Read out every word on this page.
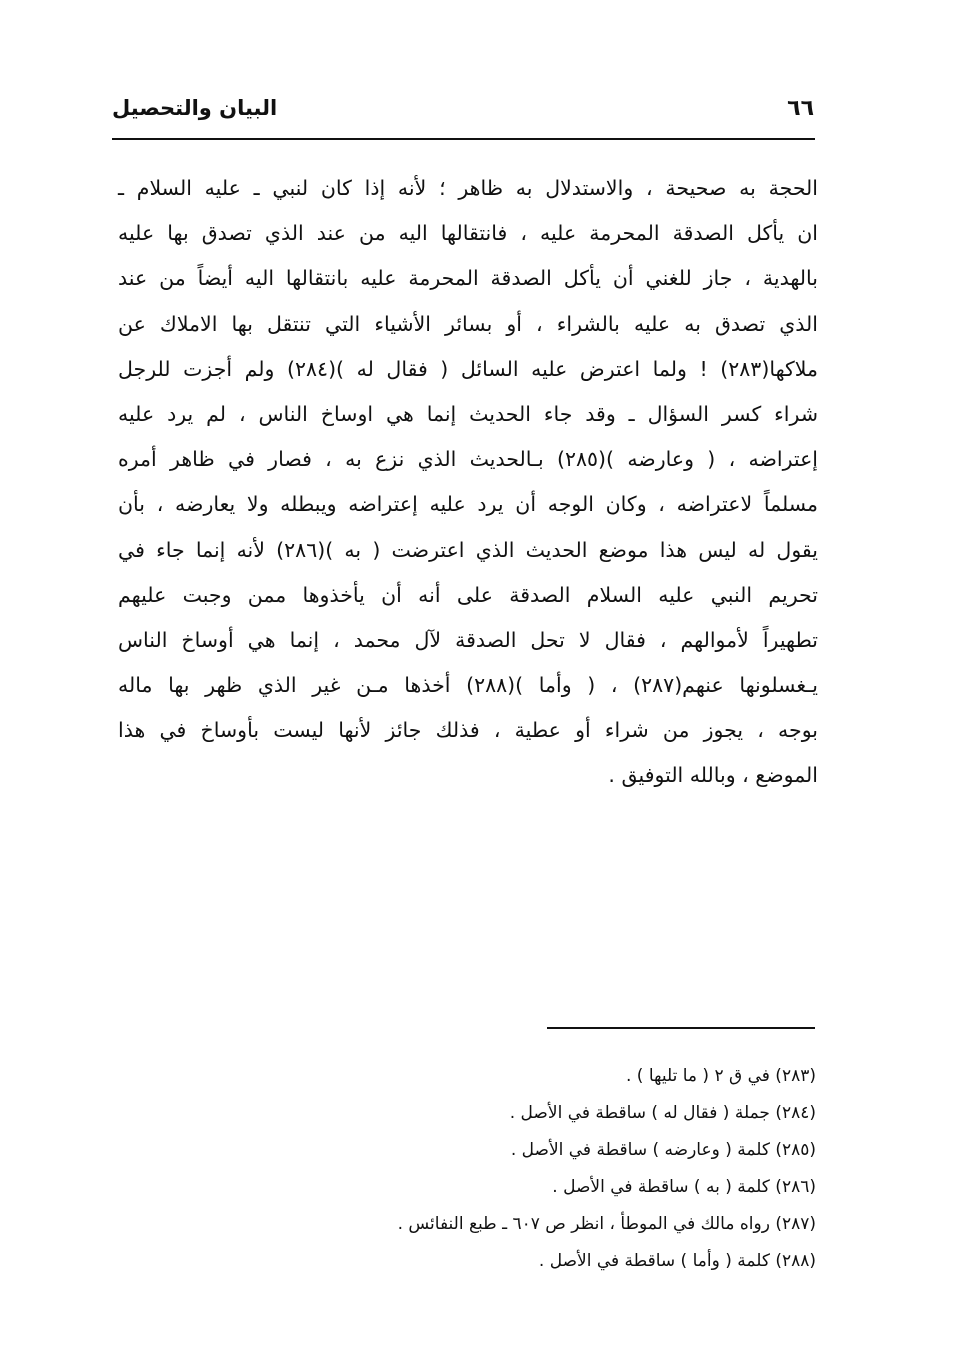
٦٦
البيان والتحصيل
الحجة به صحيحة ، والاستدلال به ظاهر ؛ لأنه إذا كان لنبي ـ عليه السلام ـ
ان يأكل الصدقة المحرمة عليه ، فانتقالها اليه من عند الذي تصدق بها عليه
بالهدية ، جاز للغني أن يأكل الصدقة المحرمة عليه بانتقالها اليه أيضاً من عند
الذي تصدق به عليه بالشراء ، أو بسائر الأشياء التي تنتقل بها الاملاك عن
ملاكها(٢٨٣) ! ولما اعترض عليه السائل ( فقال له )(٢٨٤) ولم أجزت للرجل
شراء كسر السؤال ـ وقد جاء الحديث إنما هي اوساخ الناس ، لم يرد عليه
إعتراضه ، ( وعارضه )(٢٨٥) بـالحديث الذي نزع به ، فصار في ظاهر أمره
مسلماً لاعتراضه ، وكان الوجه أن يرد عليه إعتراضه ويبطله ولا يعارضه ، بأن
يقول له ليس هذا موضع الحديث الذي اعترضت ( به )(٢٨٦) لأنه إنما جاء في
تحريم النبي عليه السلام الصدقة على أنه أن يأخذوها ممن وجبت عليهم
تطهيراً لأموالهم ، فقال لا تحل الصدقة لآل محمد ، إنما هي أوساخ الناس
يـغسلونها عنهم(٢٨٧) ، ( وأما )(٢٨٨) أخذها مـن غير الذي ظهر بها ماله
بوجه ، يجوز من شراء أو عطية ، فذلك جائز لأنها ليست بأوساخ في هذا
الموضع ، وبالله التوفيق .
(٢٨٣) في ق ٢ ( ما تليها ) .
(٢٨٤) جملة ( فقال له ) ساقطة في الأصل .
(٢٨٥) كلمة ( وعارضه ) ساقطة في الأصل .
(٢٨٦) كلمة ( به ) ساقطة في الأصل .
(٢٨٧) رواه مالك في الموطأ ، انظر ص ٦٠٧ ـ طبع النفائس .
(٢٨٨) كلمة ( وأما ) ساقطة في الأصل .
